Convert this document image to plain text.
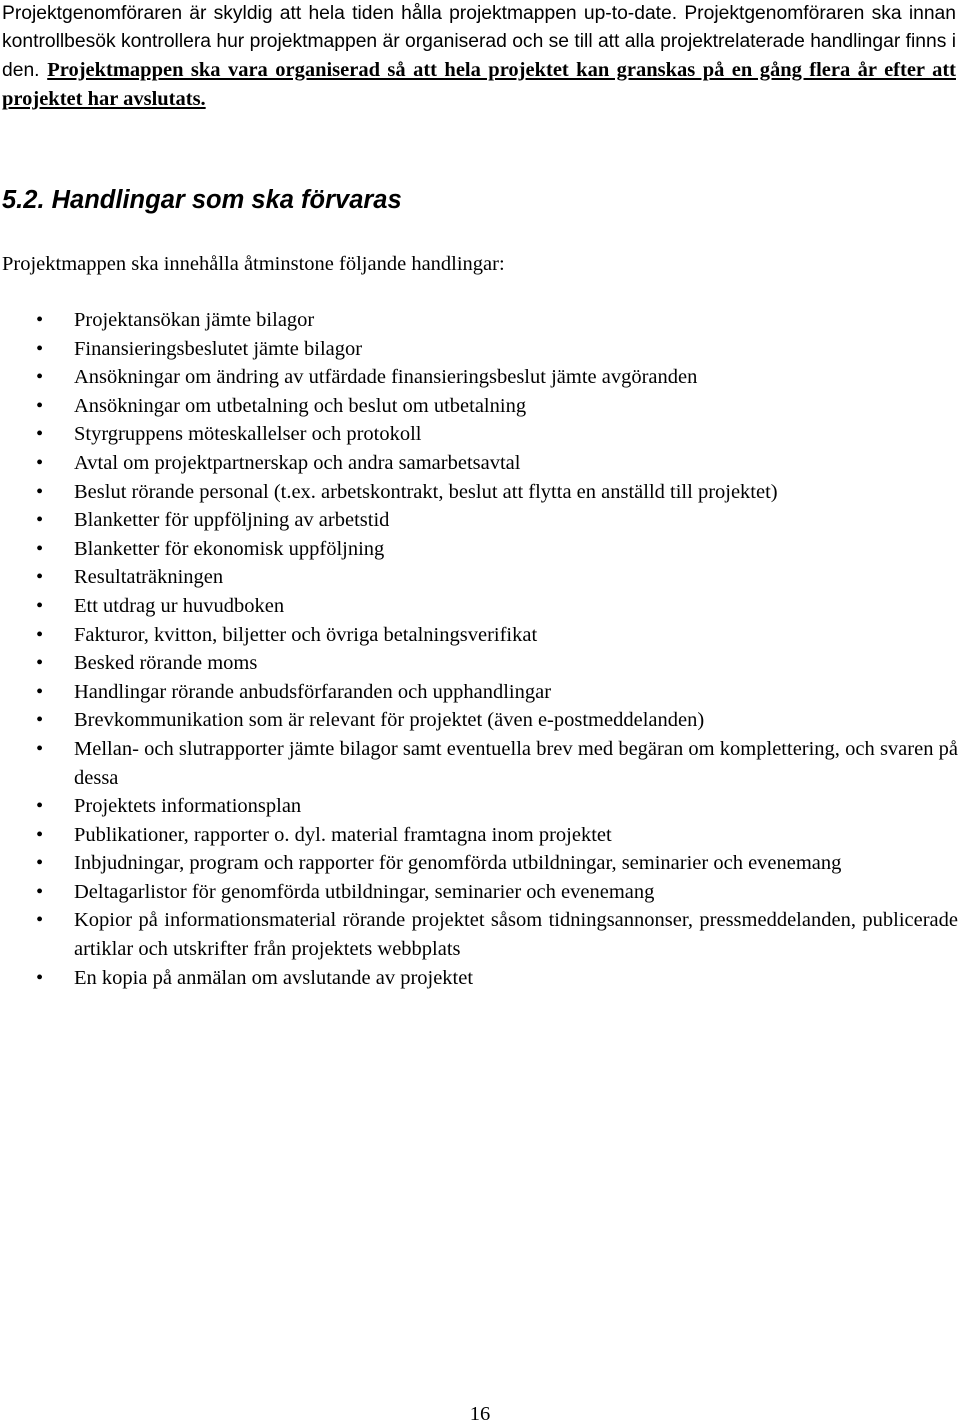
Projektgenomföraren är skyldig att hela tiden hålla projektmappen up-to-date. Projektgenomföraren ska innan kontrollbesök kontrollera hur projektmappen är organiserad och se till att alla projektrelaterade handlingar finns i den. Projektmappen ska vara organiserad så att hela projektet kan granskas på en gång flera år efter att projektet har avslutats.

5.2. Handlingar som ska förvaras

Projektmappen ska innehålla åtminstone följande handlingar:

•	Projektansökan jämte bilagor
•	Finansieringsbeslutet jämte bilagor
•	Ansökningar om ändring av utfärdade finansieringsbeslut jämte avgöranden
•	Ansökningar om utbetalning och beslut om utbetalning
•	Styrgruppens möteskallelser och protokoll
•	Avtal om projektpartnerskap och andra samarbetsavtal
•	Beslut rörande personal (t.ex. arbetskontrakt, beslut att flytta en anställd till projektet)
•	Blanketter för uppföljning av arbetstid
•	Blanketter för ekonomisk uppföljning
•	Resultaträkningen
•	Ett utdrag ur huvudboken
•	Fakturor, kvitton, biljetter och övriga betalningsverifikat
•	Besked rörande moms
•	Handlingar rörande anbudsförfaranden och upphandlingar
•	Brevkommunikation som är relevant för projektet (även e-postmeddelanden)
•	Mellan- och slutrapporter jämte bilagor samt eventuella brev med begäran om komplettering, och svaren på dessa
•	Projektets informationsplan
•	Publikationer, rapporter o. dyl. material framtagna inom projektet
•	Inbjudningar, program och rapporter för genomförda utbildningar, seminarier och evenemang
•	Deltagarlistor för genomförda utbildningar, seminarier och evenemang
•	Kopior på informationsmaterial rörande projektet såsom tidningsannonser, pressmeddelanden, publicerade artiklar och utskrifter från projektets webbplats
•	En kopia på anmälan om avslutande av projektet

16
